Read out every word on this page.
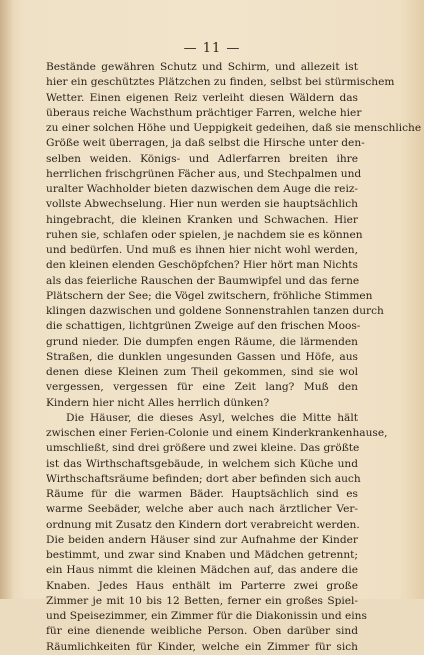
— 11 —
Bestände gewähren Schutz und Schirm, und allezeit ist
hier ein geschütztes Plätzchen zu finden, selbst bei stürmischem
Wetter. Einen eigenen Reiz verleiht diesen Wäldern das
überaus reiche Wachsthum prächtiger Farren, welche hier
zu einer solchen Höhe und Ueppigkeit gedeihen, daß sie menschliche
Größe weit überragen, ja daß selbst die Hirsche unter den-
selben weiden. Königs- und Adlerfarren breiten ihre
herrlichen frischgrünen Fächer aus, und Stechpalmen und
uralter Wachholder bieten dazwischen dem Auge die reiz-
vollste Abwechselung. Hier nun werden sie hauptsächlich
hingebracht, die kleinen Kranken und Schwachen. Hier
ruhen sie, schlafen oder spielen, je nachdem sie es können
und bedürfen. Und muß es ihnen hier nicht wohl werden,
den kleinen elenden Geschöpfchen? Hier hört man Nichts
als das feierliche Rauschen der Baumwipfel und das ferne
Plätschern der See; die Vögel zwitschern, fröhliche Stimmen
klingen dazwischen und goldene Sonnenstrahlen tanzen durch
die schattigen, lichtgrünen Zweige auf den frischen Moos-
grund nieder. Die dumpfen engen Räume, die lärmenden
Straßen, die dunklen ungesunden Gassen und Höfe, aus
denen diese Kleinen zum Theil gekommen, sind sie wol
vergessen, vergessen für eine Zeit lang? Muß den
Kindern hier nicht Alles herrlich dünken?
Die Häuser, die dieses Asyl, welches die Mitte hält
zwischen einer Ferien-Colonie und einem Kinderkrankenhause,
umschließt, sind drei größere und zwei kleine. Das größte
ist das Wirthschaftsgebäude, in welchem sich Küche und
Wirthschaftsräume befinden; dort aber befinden sich auch
Räume für die warmen Bäder. Hauptsächlich sind es
warme Seebäder, welche aber auch nach ärztlicher Ver-
ordnung mit Zusatz den Kindern dort verabreicht werden.
Die beiden andern Häuser sind zur Aufnahme der Kinder
bestimmt, und zwar sind Knaben und Mädchen getrennt;
ein Haus nimmt die kleinen Mädchen auf, das andere die
Knaben. Jedes Haus enthält im Parterre zwei große
Zimmer je mit 10 bis 12 Betten, ferner ein großes Spiel-
und Speisezimmer, ein Zimmer für die Diakonissin und eins
für eine dienende weibliche Person. Oben darüber sind
Räumlichkeiten für Kinder, welche ein Zimmer für sich
